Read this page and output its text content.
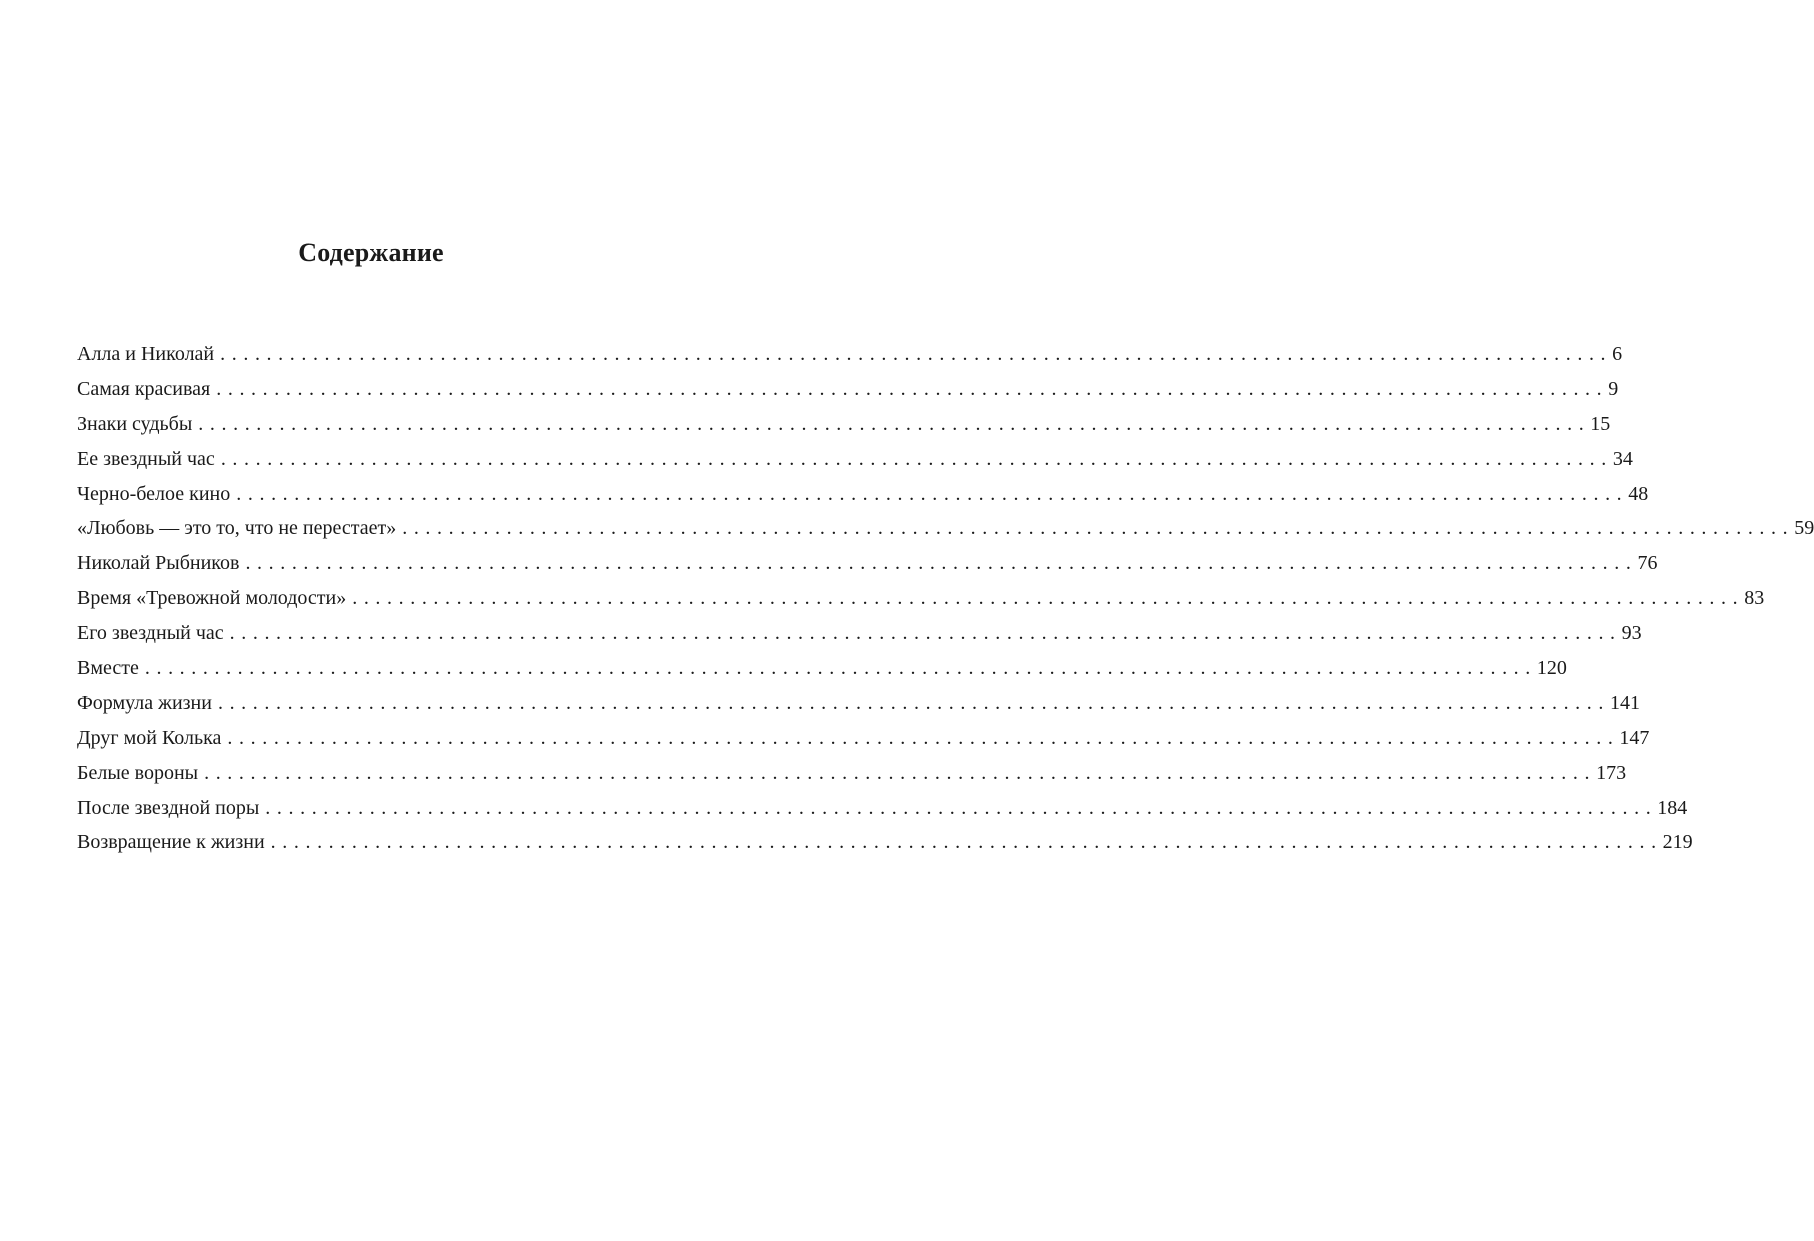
Содержание
Алла и Николай ........................................................................................................................ 6
Самая красивая ........................................................................................................................ 9
Знаки судьбы ........................................................................................................................ 15
Ее звездный час ........................................................................................................................ 34
Черно-белое кино ........................................................................................................................ 48
«Любовь — это то, что не перестает» ........................................................................................................................ 59
Николай Рыбников ........................................................................................................................ 76
Время «Тревожной молодости» ........................................................................................................................ 83
Его звездный час ........................................................................................................................ 93
Вместе ........................................................................................................................ 120
Формула жизни ........................................................................................................................ 141
Друг мой Колька ........................................................................................................................ 147
Белые вороны ........................................................................................................................ 173
После звездной поры ........................................................................................................................ 184
Возвращение к жизни ........................................................................................................................ 219
